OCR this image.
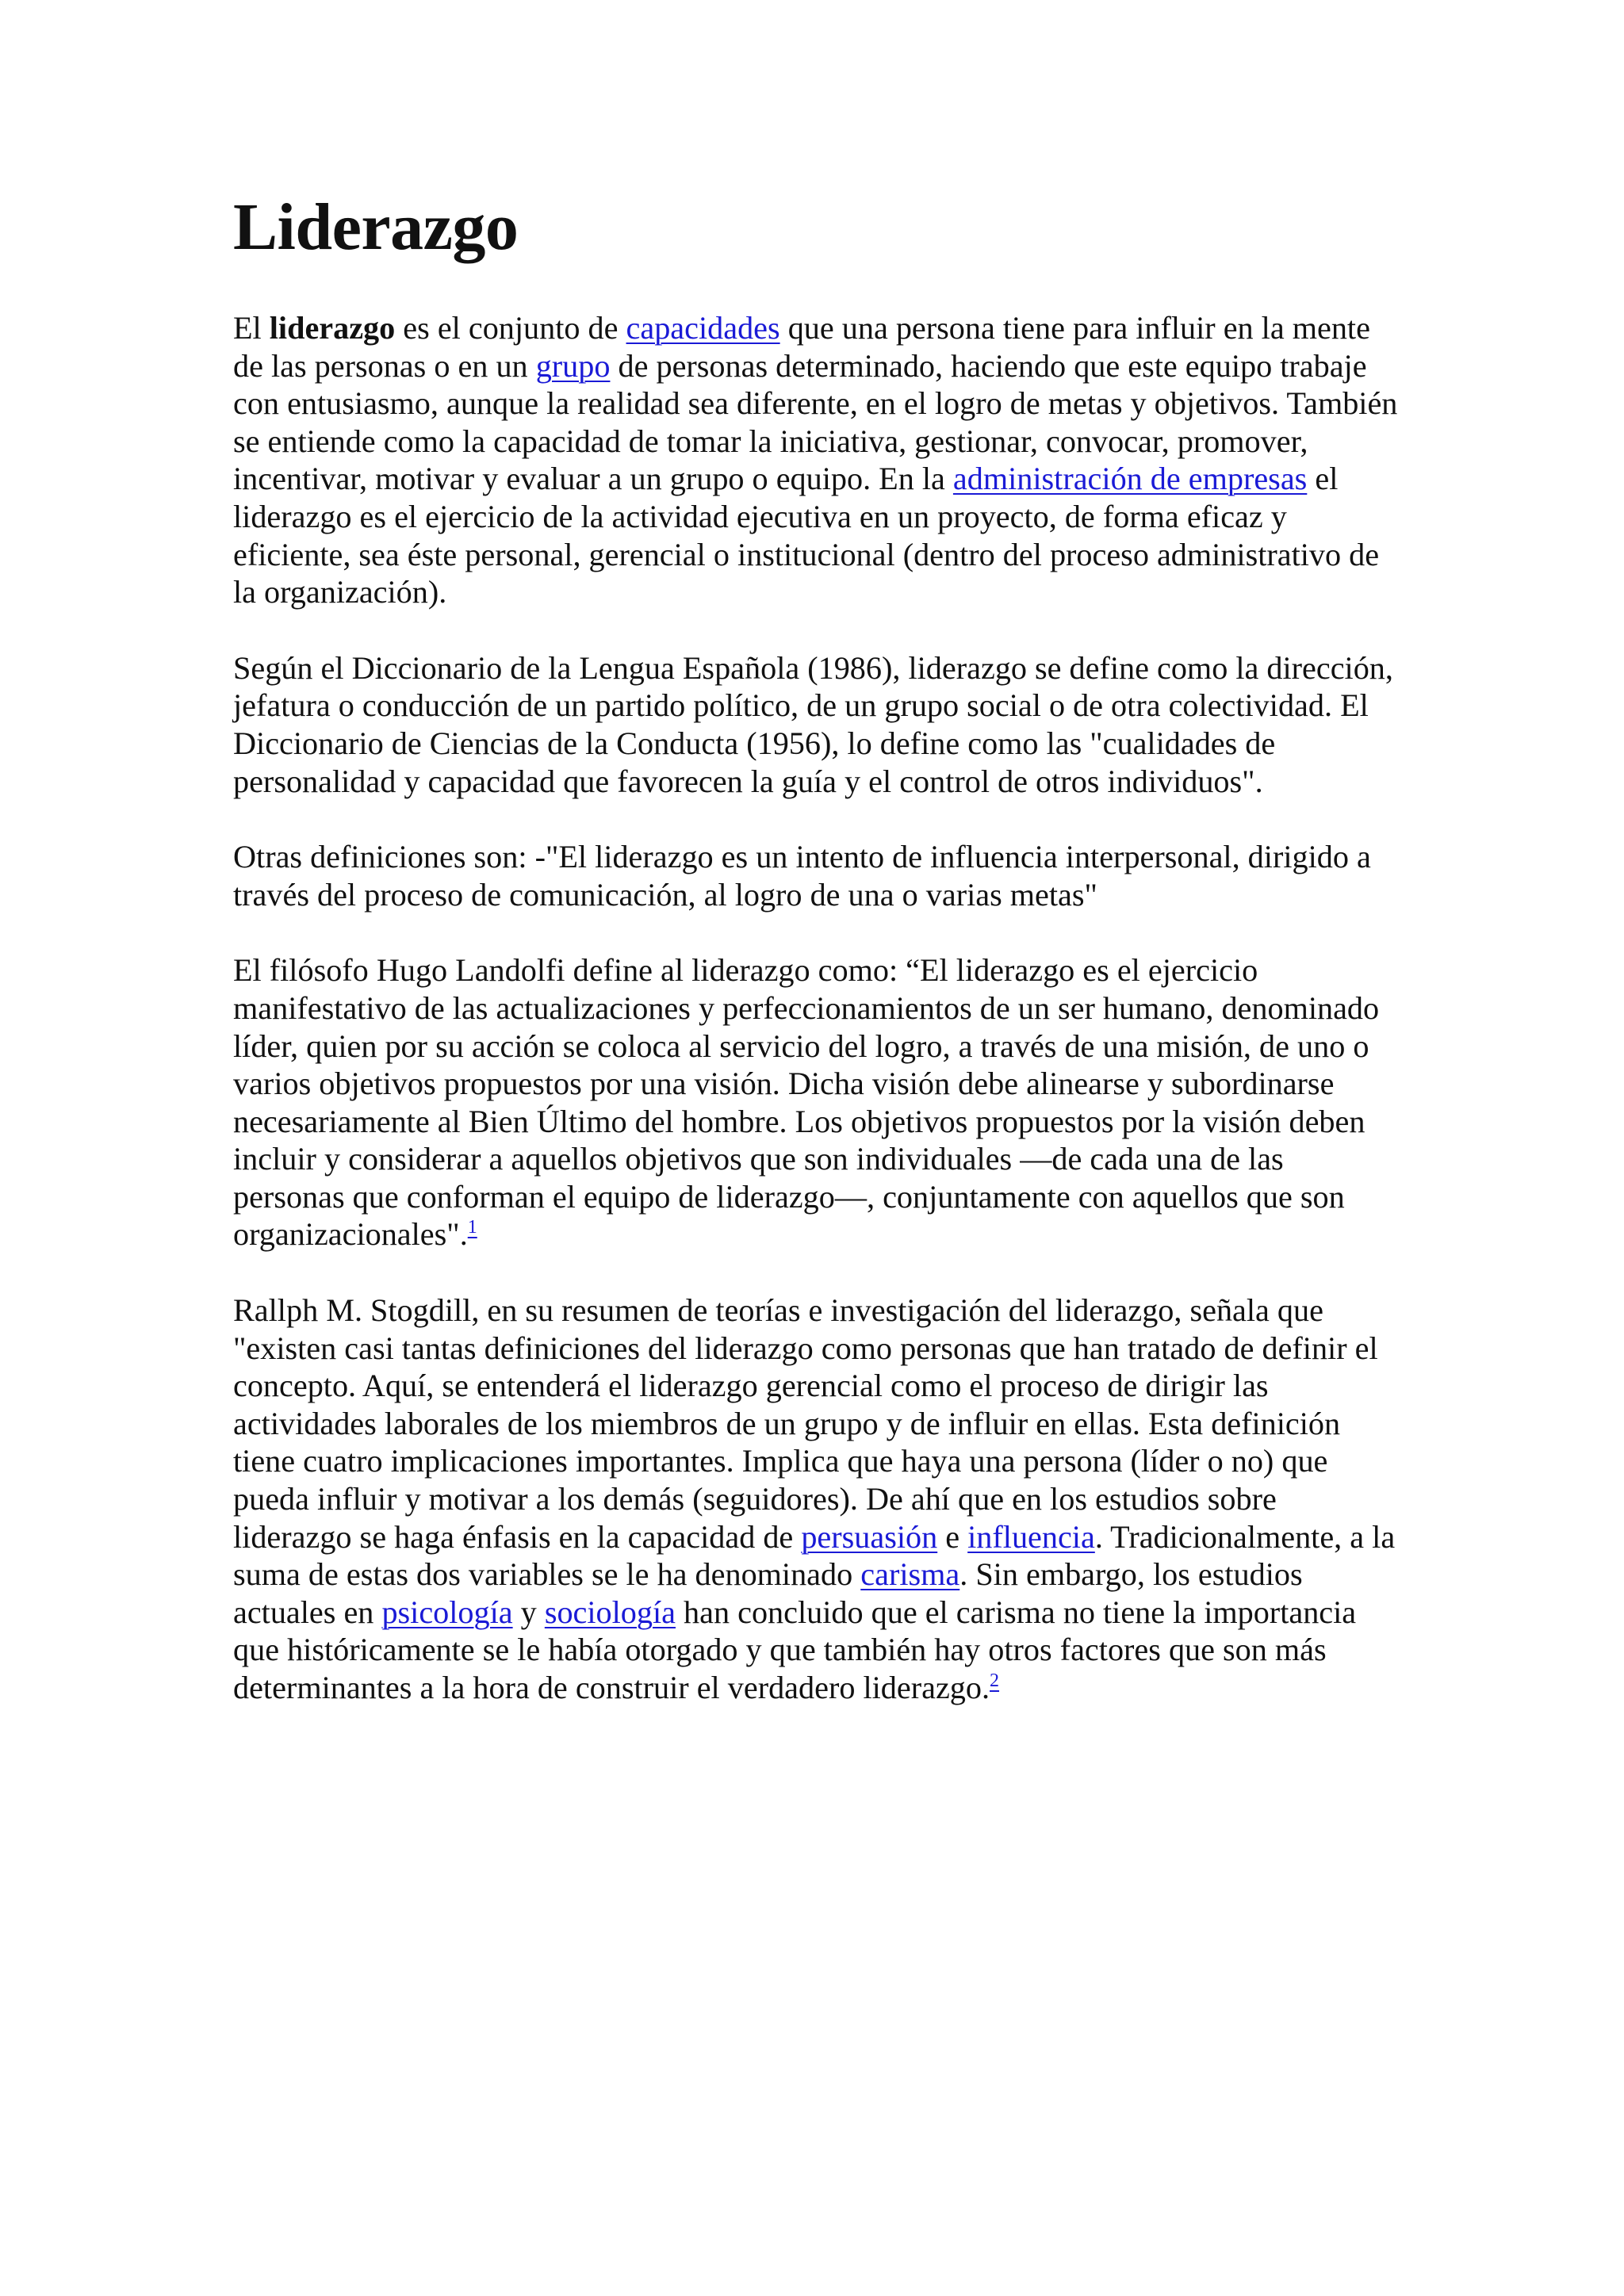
Liderazgo

El liderazgo es el conjunto de capacidades que una persona tiene para influir en la mente de las personas o en un grupo de personas determinado, haciendo que este equipo trabaje con entusiasmo, aunque la realidad sea diferente, en el logro de metas y objetivos. También se entiende como la capacidad de tomar la iniciativa, gestionar, convocar, promover, incentivar, motivar y evaluar a un grupo o equipo. En la administración de empresas el liderazgo es el ejercicio de la actividad ejecutiva en un proyecto, de forma eficaz y eficiente, sea éste personal, gerencial o institucional (dentro del proceso administrativo de la organización).

Según el Diccionario de la Lengua Española (1986), liderazgo se define como la dirección, jefatura o conducción de un partido político, de un grupo social o de otra colectividad. El Diccionario de Ciencias de la Conducta (1956), lo define como las "cualidades de personalidad y capacidad que favorecen la guía y el control de otros individuos".

Otras definiciones son: -"El liderazgo es un intento de influencia interpersonal, dirigido a través del proceso de comunicación, al logro de una o varias metas"

El filósofo Hugo Landolfi define al liderazgo como: “El liderazgo es el ejercicio manifestativo de las actualizaciones y perfeccionamientos de un ser humano, denominado líder, quien por su acción se coloca al servicio del logro, a través de una misión, de uno o varios objetivos propuestos por una visión. Dicha visión debe alinearse y subordinarse necesariamente al Bien Último del hombre. Los objetivos propuestos por la visión deben incluir y considerar a aquellos objetivos que son individuales —de cada una de las personas que conforman el equipo de liderazgo—, conjuntamente con aquellos que son organizacionales".$^1$

Rallph M. Stogdill, en su resumen de teorías e investigación del liderazgo, señala que "existen casi tantas definiciones del liderazgo como personas que han tratado de definir el concepto. Aquí, se entenderá el liderazgo gerencial como el proceso de dirigir las actividades laborales de los miembros de un grupo y de influir en ellas. Esta definición tiene cuatro implicaciones importantes. Implica que haya una persona (líder o no) que pueda influir y motivar a los demás (seguidores). De ahí que en los estudios sobre liderazgo se haga énfasis en la capacidad de persuasión e influencia. Tradicionalmente, a la suma de estas dos variables se le ha denominado carisma. Sin embargo, los estudios actuales en psicología y sociología han concluido que el carisma no tiene la importancia que históricamente se le había otorgado y que también hay otros factores que son más determinantes a la hora de construir el verdadero liderazgo.$^2$
